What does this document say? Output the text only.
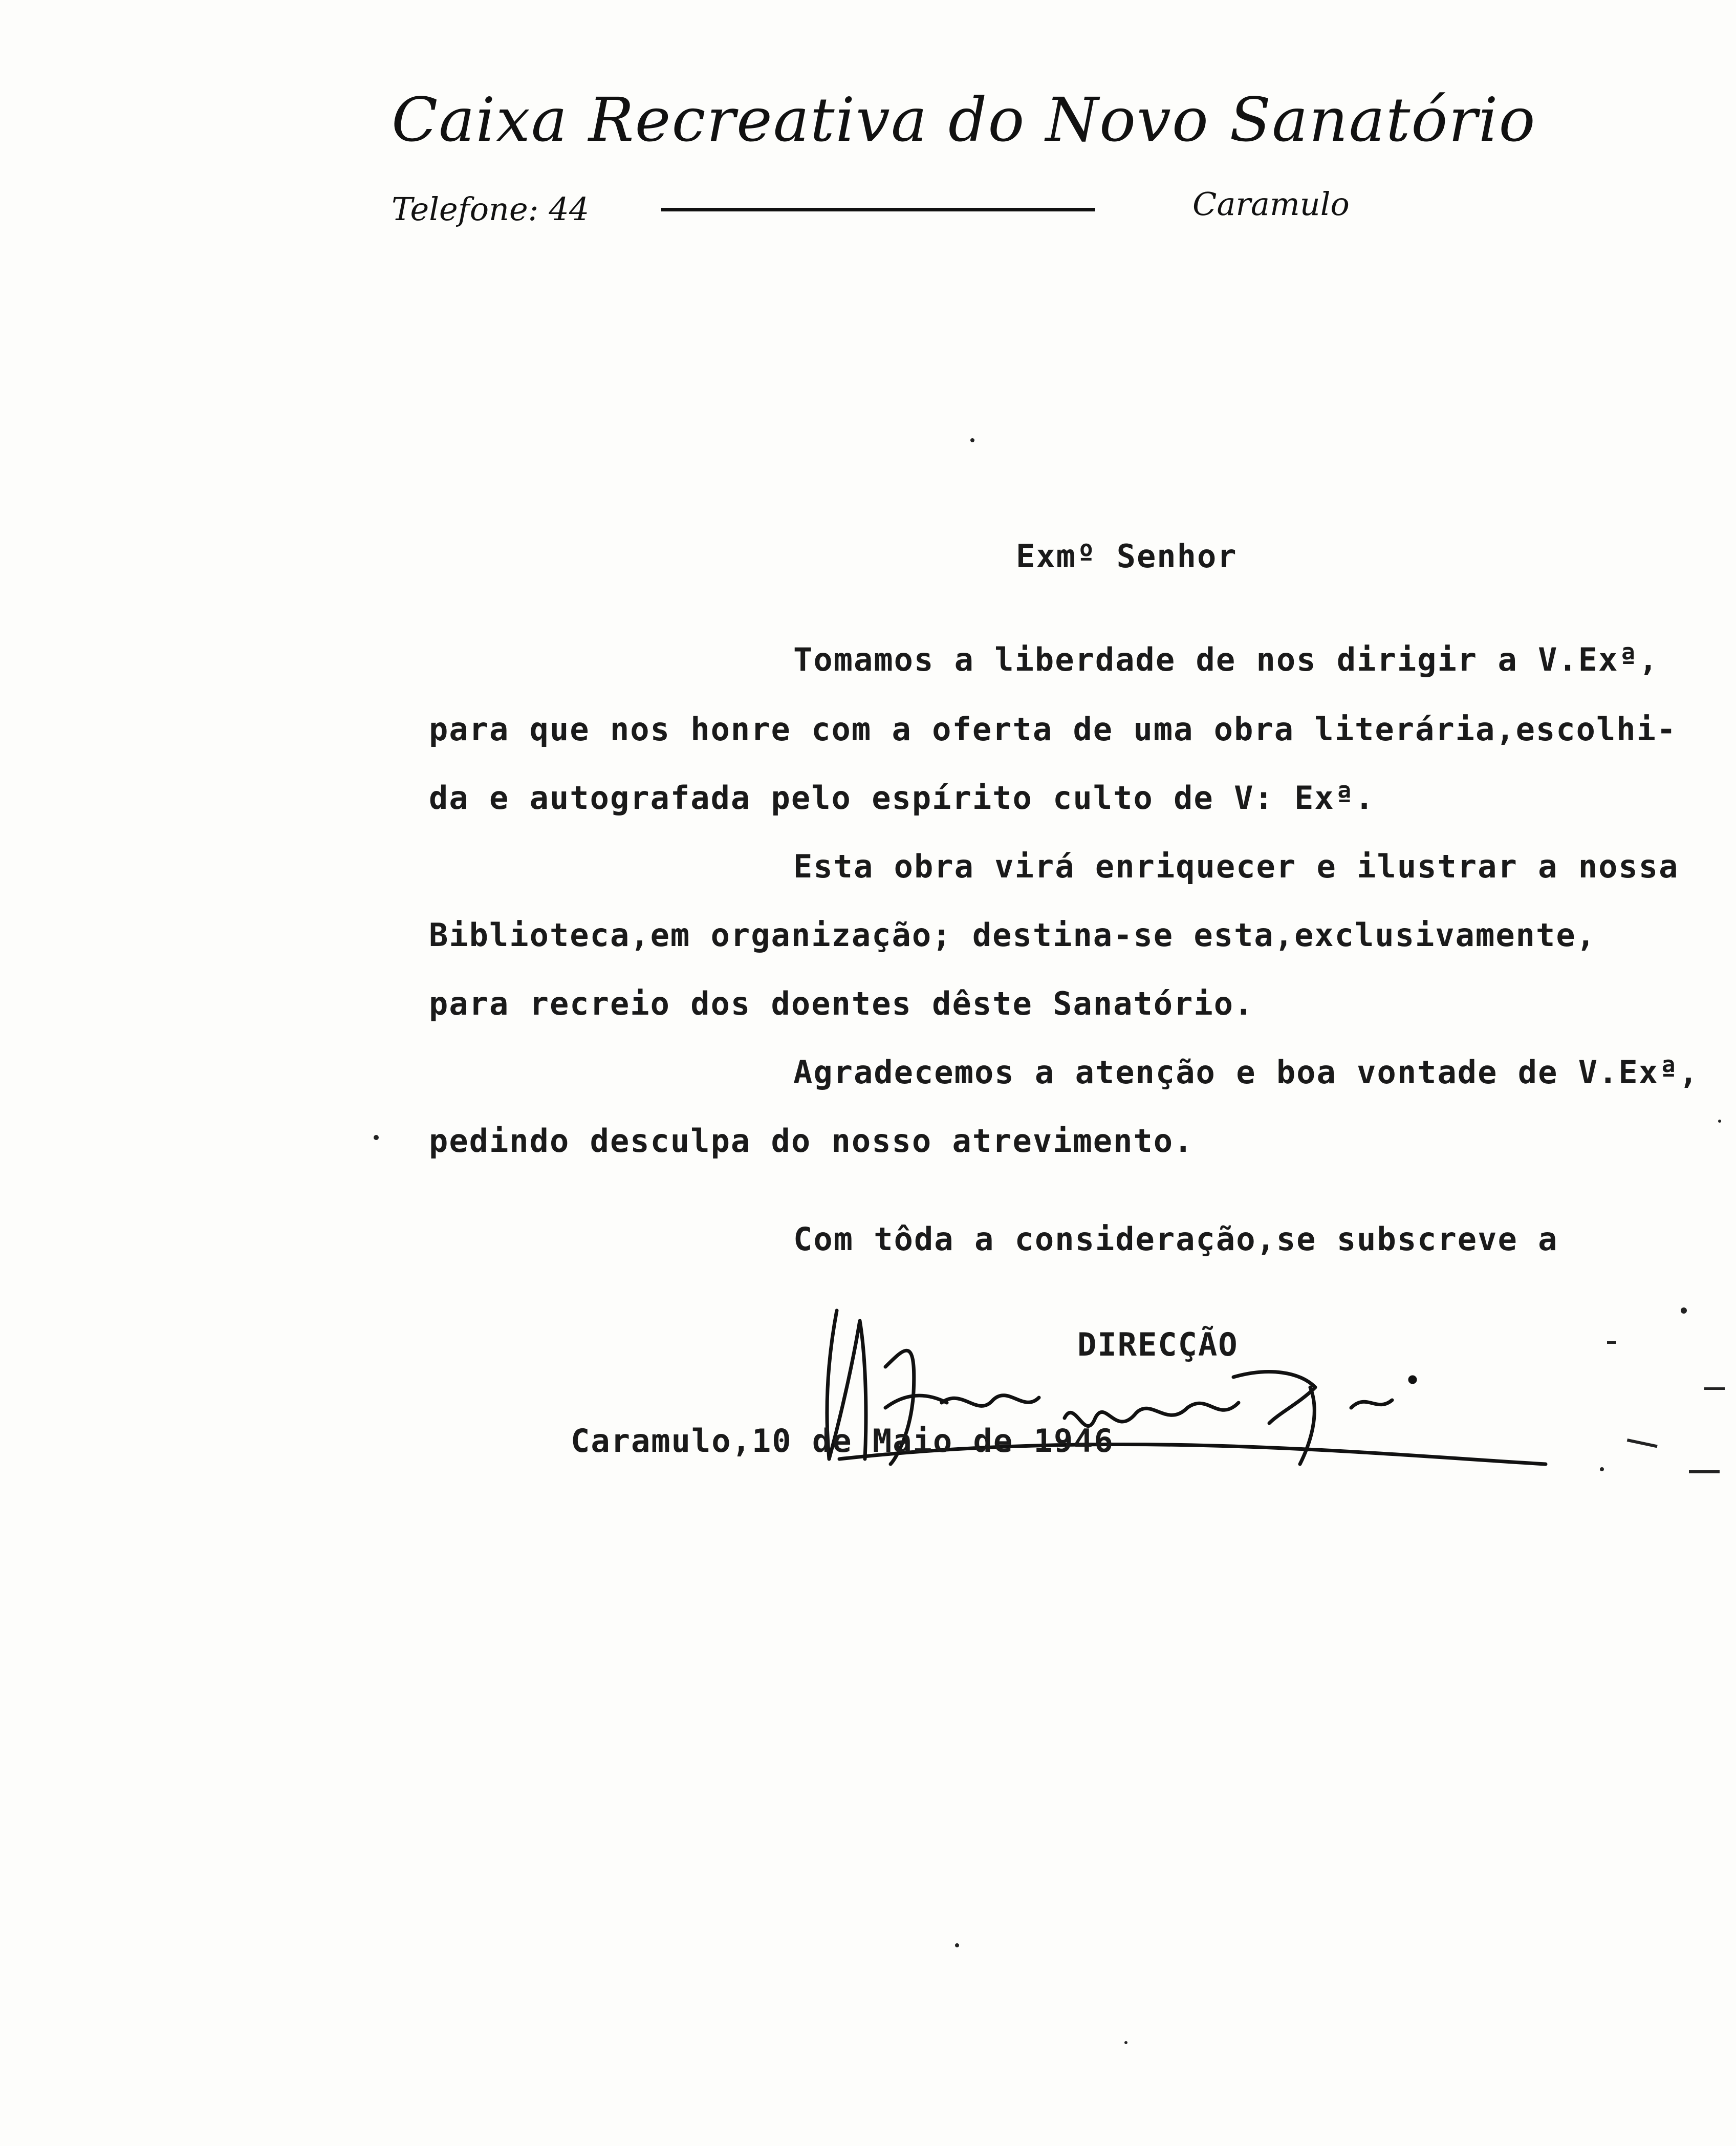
Caixa Recreativa do Novo Sanatório
Telefone: 44	Caramulo
Exmº Senhor
Tomamos a liberdade de nos dirigir a V.Exª,
para que nos honre com a oferta de uma obra literária,escolhi-
da e autografada pelo espírito culto de V: Exª.
Esta obra virá enriquecer e ilustrar a nossa
Biblioteca,em organização; destina-se esta,exclusivamente,
para recreio dos doentes dêste Sanatório.
Agradecemos a atenção e boa vontade de V.Exª,
pedindo desculpa do nosso atrevimento.
Com tôda a consideração,se subscreve a
DIRECÇÃO
Caramulo,10 de Maio de 1946
